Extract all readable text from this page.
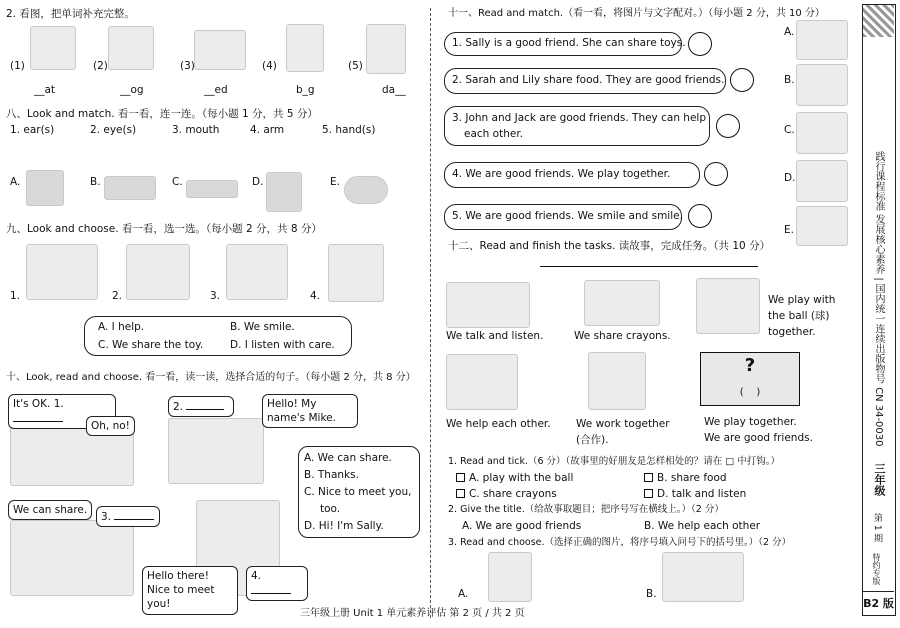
2. 看图，把单词补充完整。
(1)	(2)	(3)	(4)	(5)
__at	__og	__ed	b_g	da__
八、Look and match. 看一看，连一连。（每小题 1 分，共 5 分）
1. ear(s)	2. eye(s)	3. mouth	4. arm	5. hand(s)
A.	B.	C.	D.	E.
九、Look and choose. 看一看，选一选。（每小题 2 分，共 8 分）
1.	2.	3.	4.
A. I help.	B. We smile.
C. We share the toy.	D. I listen with care.
十、Look, read and choose. 看一看，读一读，选择合适的句子。（每小题 2 分，共 8 分）
It's OK. 1.
Oh, no!
2.	Hello! My name's Mike.
We can share.
3.
Hello there! Nice to meet you!
4.
A. We can share.
B. Thanks.
C. Nice to meet you,
too.
D. Hi! I'm Sally.
三年级上册 Unit 1 单元素养评估 第 2 页 / 共 2 页
十一、Read and match.（看一看，将图片与文字配对。）（每小题 2 分，共 10 分）
1. Sally is a good friend. She can share toys.
2. Sarah and Lily share food. They are good friends.
3. John and Jack are good friends. They can help
each other.
4. We are good friends. We play together.
5. We are good friends. We smile and smile.
A.
B.
C.
D.
E.
十二、Read and finish the tasks. 读故事，完成任务。（共 10 分）
We talk and listen.	We share crayons.
We play with
the ball (球)
together.
We help each other. We work together
(合作).
?
(    )
We play together.
We are good friends.
1. Read and tick.（6 分）（故事里的好朋友是怎样相处的？请在 □ 中打钩。）
A. play with the ball	B. share food
C. share crayons	D. talk and listen
2. Give the title.（给故事取题目；把序号写在横线上。）（2 分）
A. We are good friends	B. We help each other
3. Read and choose.（选择正确的图片，将序号填入问号下的括号里。）（2 分）
A.	B.
践行课程标准 发展核心素养 | 国内统一连续出版物号 CN 34-0030
三年级
第 1 期
特约专版
B2 版
